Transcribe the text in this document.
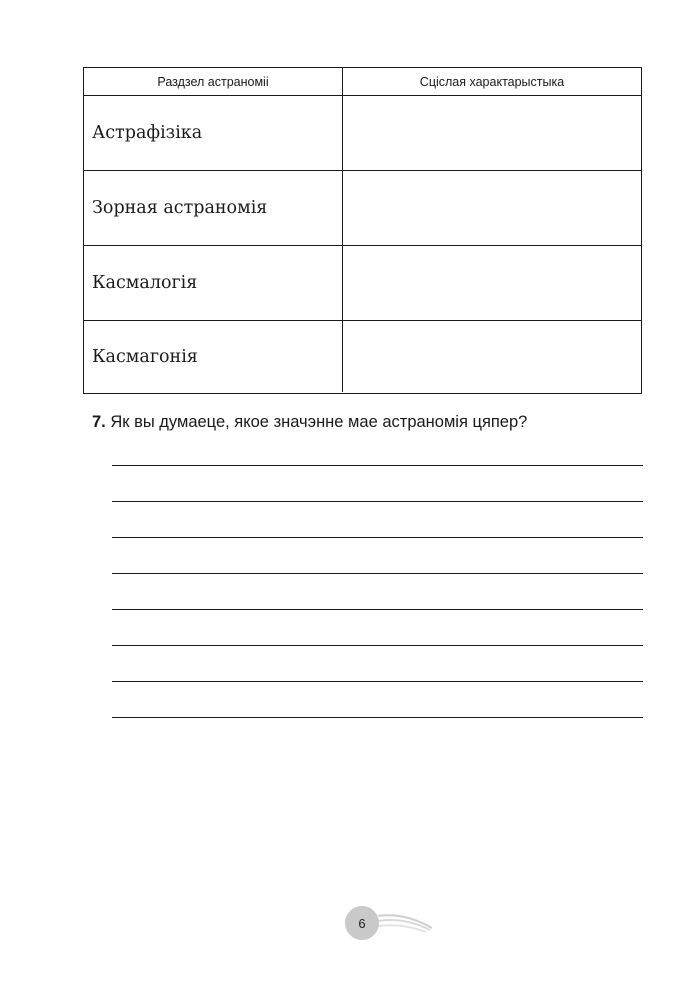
Раздзел астраноміі	Сціслая характарыстыка
Астрафізіка
Зорная астраномія
Касмалогія
Касмагонія
7. Як вы думаеце, якое значэнне мае астраномія цяпер?
6
